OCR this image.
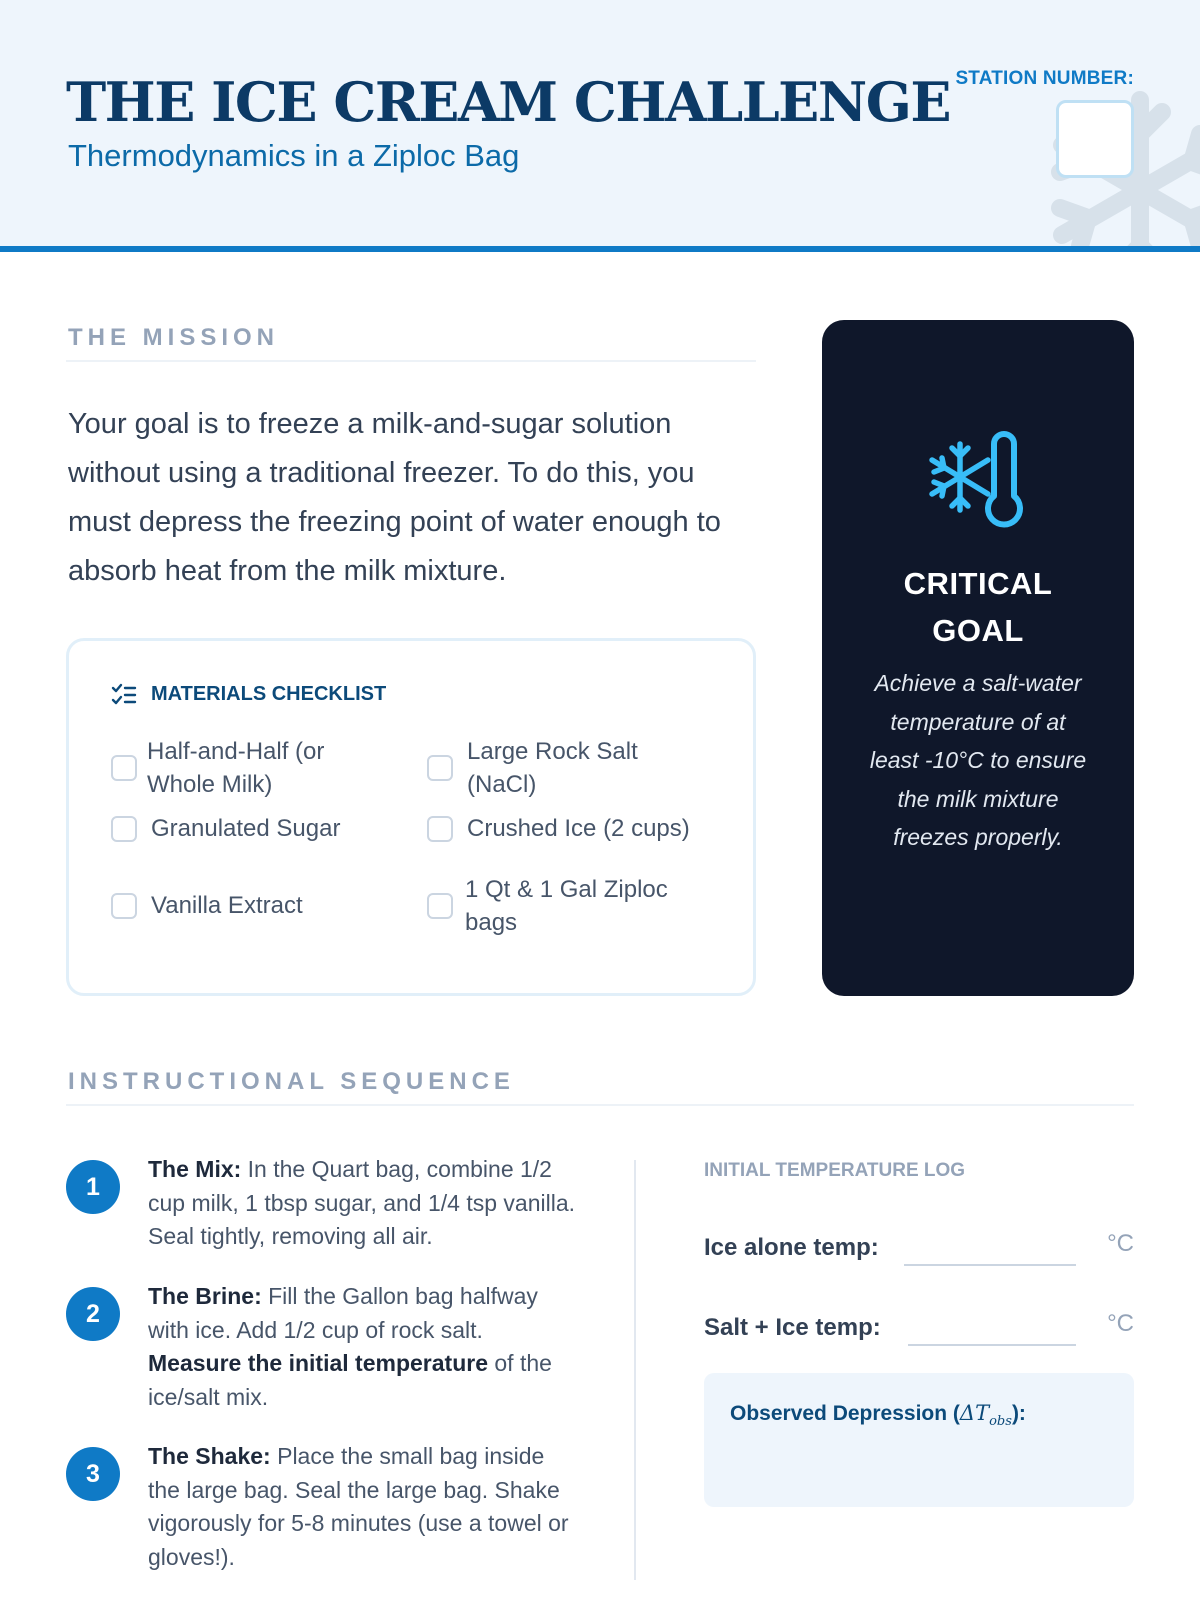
THE ICE CREAM CHALLENGE
Thermodynamics in a Ziploc Bag
STATION NUMBER:
THE MISSION
Your goal is to freeze a milk-and-sugar solution without using a traditional freezer. To do this, you must depress the freezing point of water enough to absorb heat from the milk mixture.
MATERIALS CHECKLIST
Half-and-Half (or Whole Milk)
Large Rock Salt (NaCl)
Granulated Sugar	Crushed Ice (2 cups)
Vanilla Extract
1 Qt & 1 Gal Ziploc bags
CRITICAL
GOAL
Achieve a salt-water temperature of at least -10°C to ensure the milk mixture freezes properly.
INSTRUCTIONAL SEQUENCE
1
The Mix: In the Quart bag, combine 1/2 cup milk, 1 tbsp sugar, and 1/4 tsp vanilla. Seal tightly, removing all air.
2
The Brine: Fill the Gallon bag halfway with ice. Add 1/2 cup of rock salt. Measure the initial temperature of the ice/salt mix.
3
The Shake: Place the small bag inside the large bag. Seal the large bag. Shake vigorously for 5-8 minutes (use a towel or gloves!).
INITIAL TEMPERATURE LOG
Ice alone temp:	°C
Salt + Ice temp:	°C
Observed Depression $(\Delta T_{obs})$:
